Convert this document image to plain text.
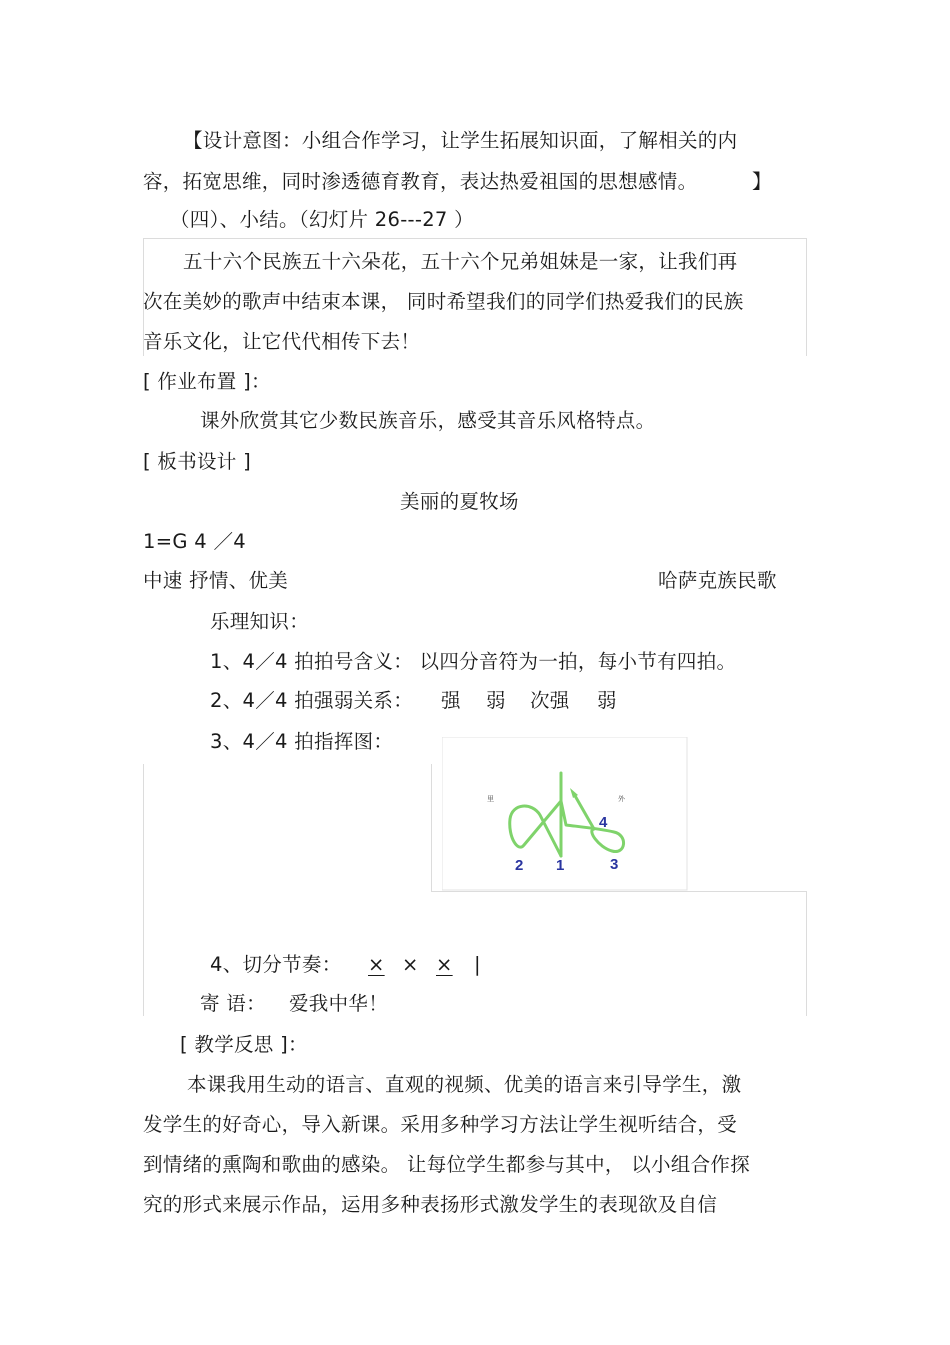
【设计意图：小组合作学习，让学生拓展知识面，了解相关的内
容，拓宽思维，同时渗透德育教育，表达热爱祖国的思想感情。	】
（四）、小结。（幻灯片 26---27 ）
五十六个民族五十六朵花，五十六个兄弟姐妹是一家，让我们再
次在美妙的歌声中结束本课， 同时希望我们的同学们热爱我们的民族
音乐文化，让它代代相传下去！
[ 作业布置 ]：
课外欣赏其它少数民族音乐，感受其音乐风格特点。
[ 板书设计 ]
美丽的夏牧场
1=G 4 ／4
中速 抒情、优美	哈萨克族民歌
乐理知识：
1、4／4 拍拍号含义： 以四分音符为一拍，每小节有四拍。
2、4／4 拍强弱关系： 强 弱 次强 弱
3、4／4 拍指挥图：
里	外
2 1	3
4
4、切分节奏： × × × |
寄 语： 爱我中华！
[ 教学反思 ]：
本课我用生动的语言、直观的视频、优美的语言来引导学生，激
发学生的好奇心，导入新课。采用多种学习方法让学生视听结合，受
到情绪的熏陶和歌曲的感染。 让每位学生都参与其中， 以小组合作探
究的形式来展示作品，运用多种表扬形式激发学生的表现欲及自信
